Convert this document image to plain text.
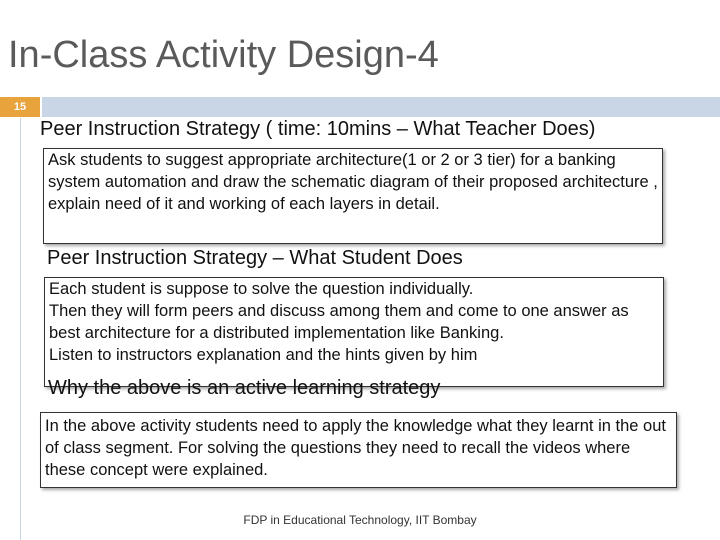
In-Class Activity Design-4
15
Peer Instruction Strategy ( time: 10mins – What Teacher Does)

Ask students to suggest appropriate architecture(1 or 2 or 3 tier) for a banking system automation and draw the schematic diagram of their proposed architecture , explain need of it and working of each layers in detail.

Peer Instruction Strategy – What Student Does

Each student is suppose to solve the question individually.

Then they will form peers and discuss among them and come to one answer as best architecture for a distributed implementation like Banking.

Listen to instructors explanation and the hints given by him

Why the above is an active learning strategy

In the above activity students need to apply the knowledge what they learnt in the out of class segment. For solving the questions they need to recall the videos where these concept were explained.

FDP in Educational Technology, IIT Bombay
